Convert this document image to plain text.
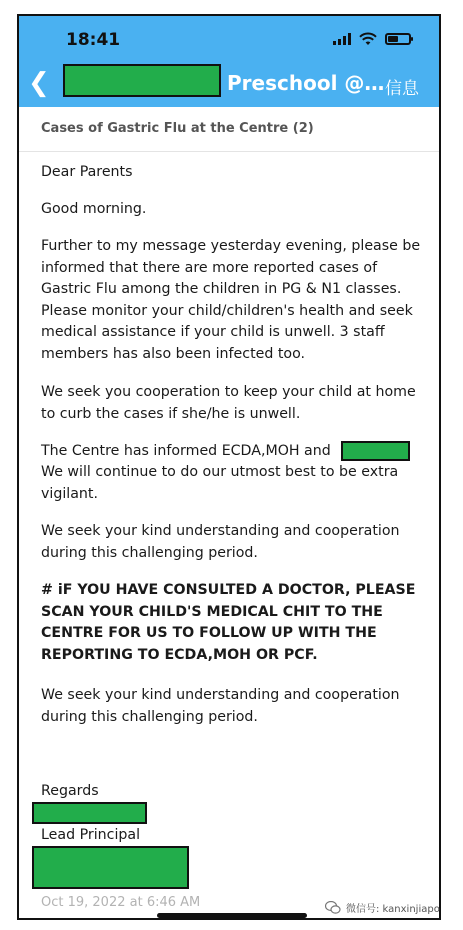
18:41
❮	Preschool @… 信息
Cases of Gastric Flu at the Centre (2)

Dear Parents

Good morning.

Further to my message yesterday evening, please be informed that there are more reported cases of Gastric Flu among the children in PG & N1 classes. Please monitor your child/children's health and seek medical assistance if your child is unwell. 3 staff members has also been infected too.

We seek you cooperation to keep your child at home to curb the cases if she/he is unwell.

The Centre has informed ECDA,MOH and

We will continue to do our utmost best to be extra vigilant.

We seek your kind understanding and cooperation during this challenging period.

# iF YOU HAVE CONSULTED A DOCTOR, PLEASE SCAN YOUR CHILD'S MEDICAL CHIT TO THE CENTRE FOR US TO FOLLOW UP WITH THE REPORTING TO ECDA,MOH OR PCF.

We seek your kind understanding and cooperation during this challenging period.

Regards

Lead Principal

Oct 19, 2022 at 6:46 AM	微信号: kanxinjiapo
